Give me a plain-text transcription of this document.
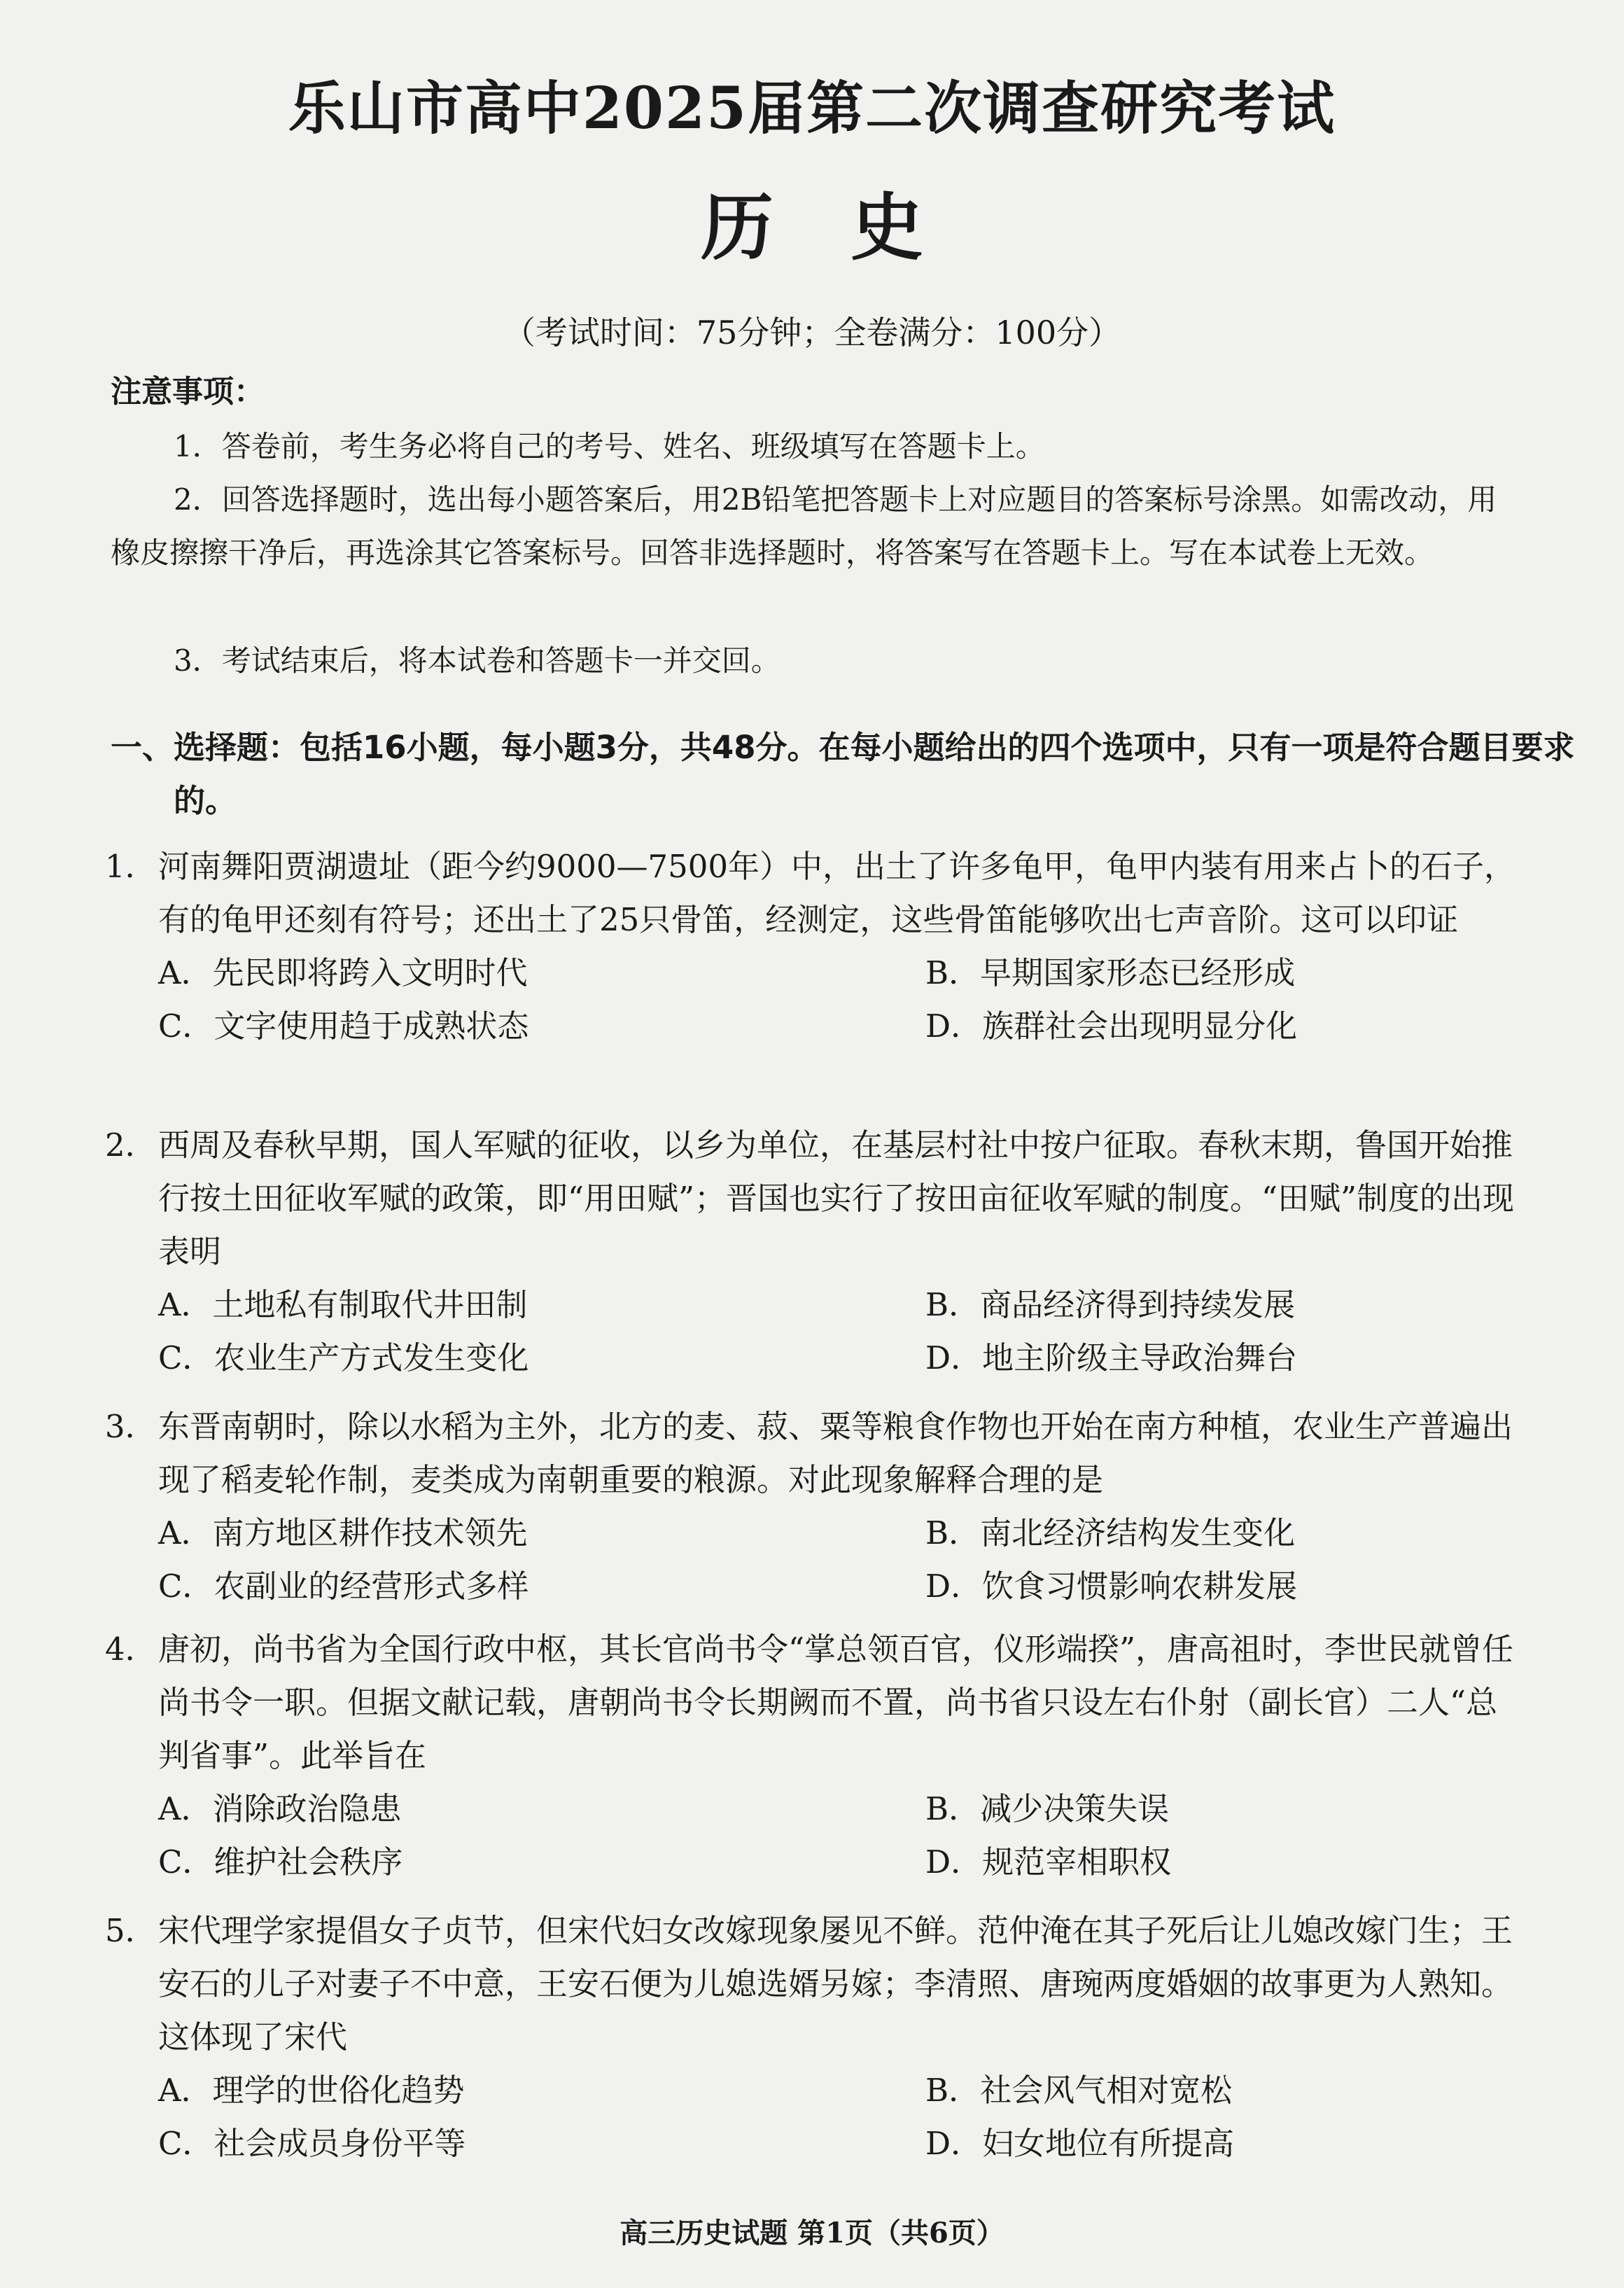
乐山市高中2025届第二次调查研究考试
历史
（考试时间：75分钟；全卷满分：100分）
注意事项：
1．答卷前，考生务必将自己的考号、姓名、班级填写在答题卡上。
2．回答选择题时，选出每小题答案后，用2B铅笔把答题卡上对应题目的答案标号涂黑。如需改动，用橡皮擦擦干净后，再选涂其它答案标号。回答非选择题时，将答案写在答题卡上。写在本试卷上无效。
3．考试结束后，将本试卷和答题卡一并交回。
一、选择题：包括16小题，每小题3分，共48分。在每小题给出的四个选项中，只有一项是符合题目要求的。
1．河南舞阳贾湖遗址（距今约9000—7500年）中，出土了许多龟甲，龟甲内装有用来占卜的石子，有的龟甲还刻有符号；还出土了25只骨笛，经测定，这些骨笛能够吹出七声音阶。这可以印证
A．先民即将跨入文明时代	B．早期国家形态已经形成
C．文字使用趋于成熟状态	D．族群社会出现明显分化
2．西周及春秋早期，国人军赋的征收，以乡为单位，在基层村社中按户征取。春秋末期，鲁国开始推行按土田征收军赋的政策，即“用田赋”；晋国也实行了按田亩征收军赋的制度。“田赋”制度的出现表明
A．土地私有制取代井田制	B．商品经济得到持续发展
C．农业生产方式发生变化	D．地主阶级主导政治舞台
3．东晋南朝时，除以水稻为主外，北方的麦、菽、粟等粮食作物也开始在南方种植，农业生产普遍出现了稻麦轮作制，麦类成为南朝重要的粮源。对此现象解释合理的是
A．南方地区耕作技术领先	B．南北经济结构发生变化
C．农副业的经营形式多样	D．饮食习惯影响农耕发展
4．唐初，尚书省为全国行政中枢，其长官尚书令“掌总领百官，仪形端揆”，唐高祖时，李世民就曾任尚书令一职。但据文献记载，唐朝尚书令长期阙而不置，尚书省只设左右仆射（副长官）二人“总判省事”。此举旨在
A．消除政治隐患	B．减少决策失误
C．维护社会秩序	D．规范宰相职权
5．宋代理学家提倡女子贞节，但宋代妇女改嫁现象屡见不鲜。范仲淹在其子死后让儿媳改嫁门生；王安石的儿子对妻子不中意，王安石便为儿媳选婿另嫁；李清照、唐琬两度婚姻的故事更为人熟知。这体现了宋代
A．理学的世俗化趋势	B．社会风气相对宽松
C．社会成员身份平等	D．妇女地位有所提高
高三历史试题 第1页（共6页）
